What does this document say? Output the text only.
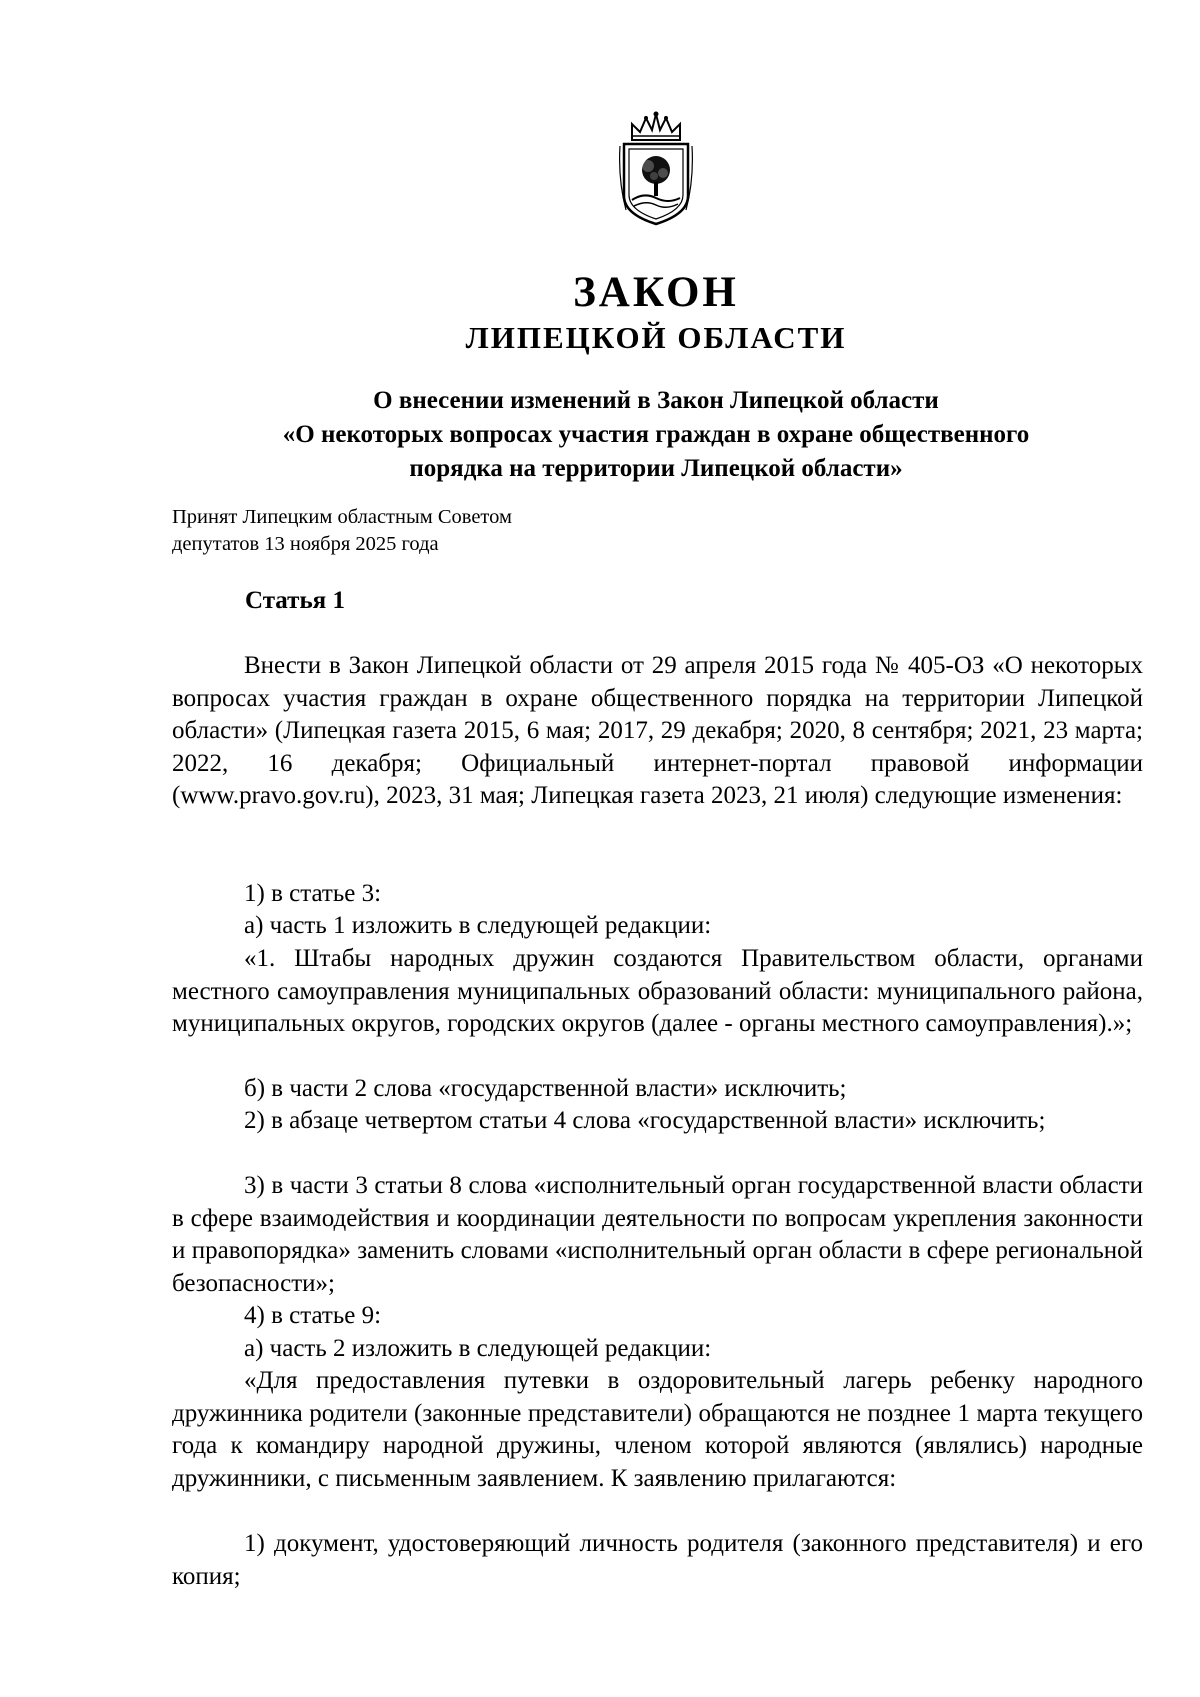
ЗАКОН
ЛИПЕЦКОЙ ОБЛАСТИ
О внесении изменений в Закон Липецкой области
«О некоторых вопросах участия граждан в охране общественного
порядка на территории Липецкой области»
Принят Липецким областным Советом
депутатов 13 ноября 2025 года
Статья 1

Внести в Закон Липецкой области от 29 апреля 2015 года № 405-ОЗ «О некоторых вопросах участия граждан в охране общественного порядка на территории Липецкой области» (Липецкая газета 2015, 6 мая; 2017, 29 декабря; 2020, 8 сентября; 2021, 23 марта; 2022, 16 декабря; Официальный интернет-портал правовой информации (www.pravo.gov.ru), 2023, 31 мая; Липецкая газета 2023, 21 июля) следующие изменения:

1) в статье 3:

а) часть 1 изложить в следующей редакции:

«1. Штабы народных дружин создаются Правительством области, органами местного самоуправления муниципальных образований области: муниципального района, муниципальных округов, городских округов (далее - органы местного самоуправления).»;

б) в части 2 слова «государственной власти» исключить;

2) в абзаце четвертом статьи 4 слова «государственной власти» исключить;

3) в части 3 статьи 8 слова «исполнительный орган государственной власти области в сфере взаимодействия и координации деятельности по вопросам укрепления законности и правопорядка» заменить словами «исполнительный орган области в сфере региональной безопасности»;

4) в статье 9:

а) часть 2 изложить в следующей редакции:

«Для предоставления путевки в оздоровительный лагерь ребенку народного дружинника родители (законные представители) обращаются не позднее 1 марта текущего года к командиру народной дружины, членом которой являются (являлись) народные дружинники, с письменным заявлением. К заявлению прилагаются:

1) документ, удостоверяющий личность родителя (законного представителя) и его копия;
